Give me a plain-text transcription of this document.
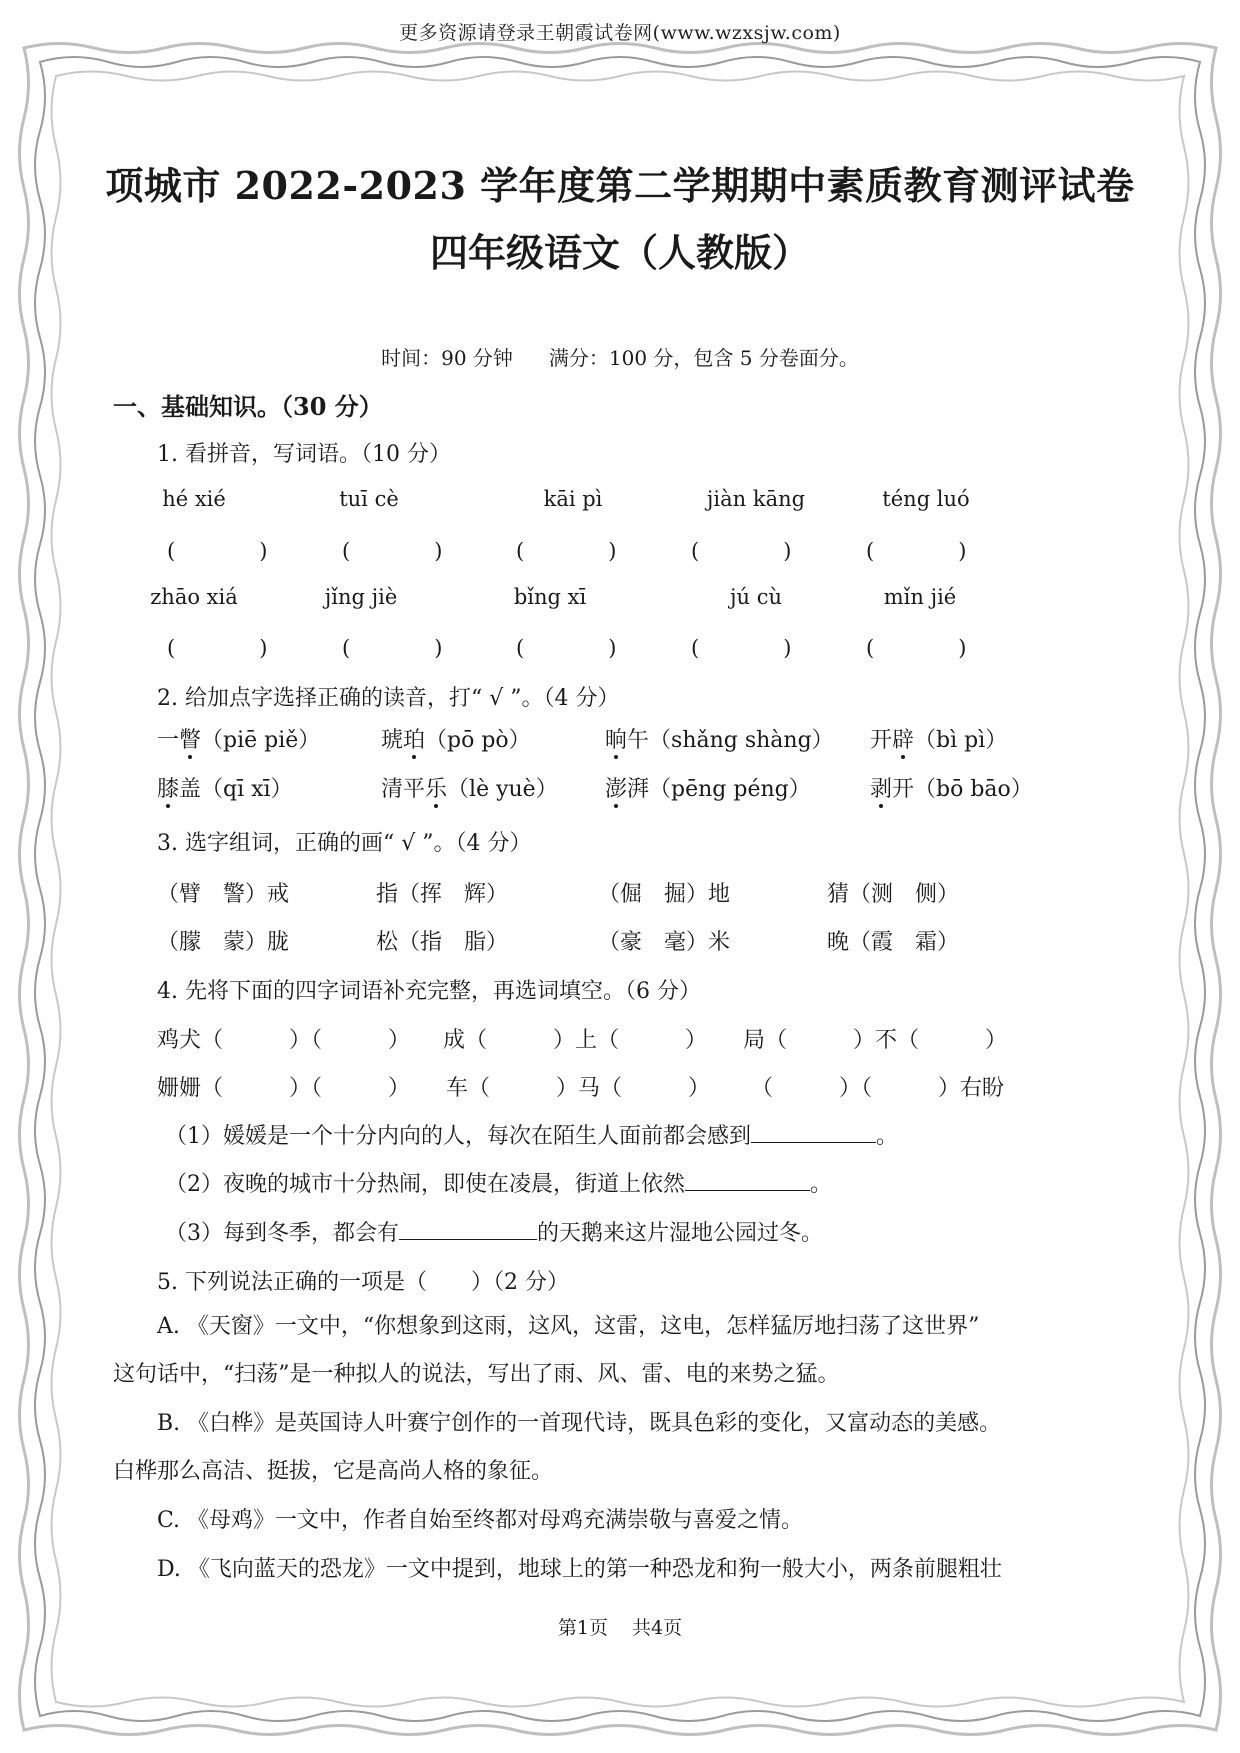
更多资源请登录王朝霞试卷网(www.wzxsjw.com)
项城市 2022-2023 学年度第二学期期中素质教育测评试卷
四年级语文（人教版）
时间：90 分钟 满分：100 分，包含 5 分卷面分。
一、基础知识。（30 分）
1. 看拼音，写词语。（10 分）
hé xié	tuī cè	kāi pì	jiàn kāng	téng luó
(　　　　)	(　　　　)	(　　　　)	(　　　　)	(　　　　)
zhāo xiá	jǐng jiè	bǐng xī	jú cù	mǐn jié
(　　　　)	(　　　　)	(　　　　)	(　　　　)	(　　　　)
2. 给加点字选择正确的读音，打“ √ ”。（4 分）
一瞥（piē piě）	琥珀（pō pò）	晌午（shǎng shàng） 开辟（bì pì）
膝盖（qī xī）	清平乐（lè yuè） 澎湃（pēng péng）	剥开（bō bāo）
3. 选字组词，正确的画“ √ ”。（4 分）
（臂　警）戒	指（挥　辉）	（倔　掘）地	猜（测　侧）
（朦　蒙）胧	松（指　脂）	（豪　毫）米	晚（霞　霜）
4. 先将下面的四字词语补充完整，再选词填空。（6 分）
鸡犬（　　　）（　　　） 成（　　　）上（　　　） 局（　　　）不（　　　）
姗姗（　　　）（　　　） 车（　　　）马（　　　） （　　　）（　　　）右盼
（1）媛媛是一个十分内向的人，每次在陌生人面前都会感到	。
（2）夜晚的城市十分热闹，即使在凌晨，街道上依然	。
（3）每到冬季，都会有	的天鹅来这片湿地公园过冬。
5. 下列说法正确的一项是（　　）（2 分）
A. 《天窗》一文中，“你想象到这雨，这风，这雷，这电，怎样猛厉地扫荡了这世界”
这句话中，“扫荡”是一种拟人的说法，写出了雨、风、雷、电的来势之猛。
B. 《白桦》是英国诗人叶赛宁创作的一首现代诗，既具色彩的变化，又富动态的美感。
白桦那么高洁、挺拔，它是高尚人格的象征。
C. 《母鸡》一文中，作者自始至终都对母鸡充满崇敬与喜爱之情。
D. 《飞向蓝天的恐龙》一文中提到，地球上的第一种恐龙和狗一般大小，两条前腿粗壮
第1页 共4页
